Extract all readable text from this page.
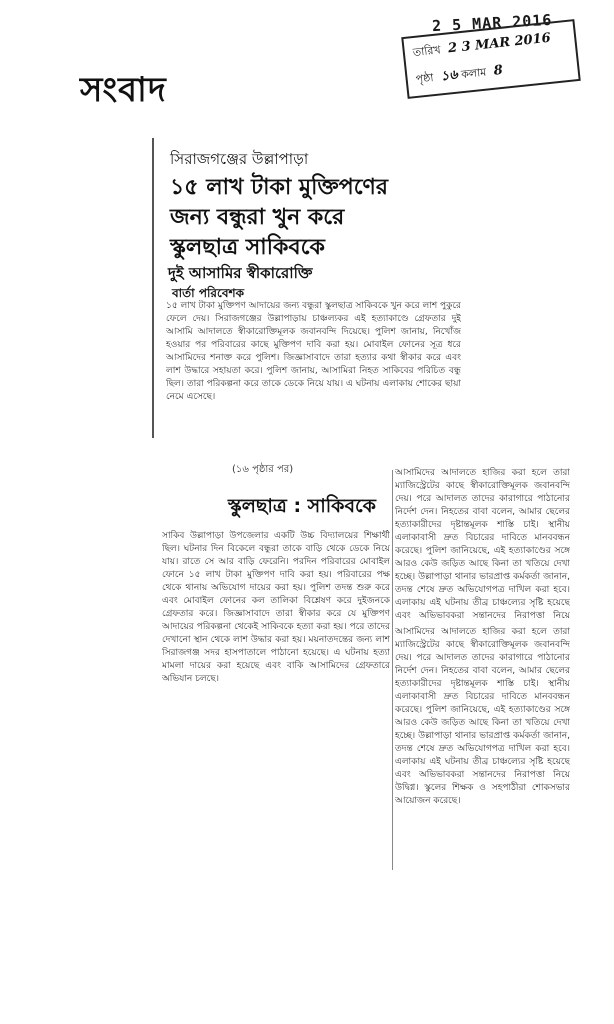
2 5 MAR 2016
তারিখ 2 3 MAR 2016
পৃষ্ঠা ১৬ কলাম 8
সংবাদ
সিরাজগঞ্জের উল্লাপাড়া
১৫ লাখ টাকা মুক্তিপণের
জন্য বন্ধুরা খুন করে
স্কুলছাত্র সাকিবকে
দুই আসামির স্বীকারোক্তি
বার্তা পরিবেশক
১৫ লাখ টাকা মুক্তিপণ আদায়ের জন্য বন্ধুরা স্কুলছাত্র সাকিবকে খুন করে লাশ পুকুরে ফেলে দেয়। সিরাজগঞ্জের উল্লাপাড়ায় চাঞ্চল্যকর এই হত্যাকাণ্ডে গ্রেফতার দুই আসামি আদালতে স্বীকারোক্তিমূলক জবানবন্দি দিয়েছে। পুলিশ জানায়, নিখোঁজ হওয়ার পর পরিবারের কাছে মুক্তিপণ দাবি করা হয়। মোবাইল ফোনের সূত্র ধরে আসামিদের শনাক্ত করে পুলিশ। জিজ্ঞাসাবাদে তারা হত্যার কথা স্বীকার করে এবং লাশ উদ্ধারে সহায়তা করে। পুলিশ জানায়, আসামিরা নিহত সাকিবের পরিচিত বন্ধু ছিল। তারা পরিকল্পনা করে তাকে ডেকে নিয়ে যায়। এ ঘটনায় এলাকায় শোকের ছায়া নেমে এসেছে।
(১৬ পৃষ্ঠার পর)	আসামিদের আদালতে হাজির করা হলে তারা ম্যাজিস্ট্রেটের কাছে স্বীকারোক্তিমূলক জবানবন্দি দেয়। পরে আদালত তাদের কারাগারে পাঠানোর নির্দেশ দেন। নিহতের বাবা বলেন, আমার ছেলের হত্যাকারীদের দৃষ্টান্তমূলক শাস্তি চাই। স্থানীয় এলাকাবাসী দ্রুত বিচারের দাবিতে মানববন্ধন করেছে। পুলিশ জানিয়েছে, এই হত্যাকাণ্ডের সঙ্গে আরও কেউ জড়িত আছে কিনা তা খতিয়ে দেখা হচ্ছে। উল্লাপাড়া থানার ভারপ্রাপ্ত কর্মকর্তা জানান, তদন্ত শেষে দ্রুত অভিযোগপত্র দাখিল করা হবে। এলাকায় এই ঘটনায় তীব্র চাঞ্চল্যের সৃষ্টি হয়েছে এবং অভিভাবকরা সন্তানদের নিরাপত্তা নিয়ে
স্কুলছাত্র : সাকিবকে
সাকিব উল্লাপাড়া উপজেলার একটি উচ্চ বিদ্যালয়ের শিক্ষার্থী ছিল। ঘটনার দিন বিকেলে বন্ধুরা তাকে বাড়ি থেকে ডেকে নিয়ে যায়। রাতে সে আর বাড়ি ফেরেনি। পরদিন পরিবারের মোবাইল ফোনে ১৫ লাখ টাকা মুক্তিপণ দাবি করা হয়। পরিবারের পক্ষ থেকে থানায় অভিযোগ দায়ের করা হয়। পুলিশ তদন্ত শুরু করে এবং মোবাইল ফোনের কল তালিকা বিশ্লেষণ করে দুইজনকে গ্রেফতার করে। জিজ্ঞাসাবাদে তারা স্বীকার করে যে মুক্তিপণ আদায়ের পরিকল্পনা থেকেই সাকিবকে হত্যা করা হয়। পরে তাদের দেখানো স্থান থেকে লাশ উদ্ধার করা হয়। ময়নাতদন্তের জন্য লাশ সিরাজগঞ্জ সদর হাসপাতালে পাঠানো হয়েছে। এ ঘটনায় হত্যা মামলা দায়ের করা হয়েছে এবং বাকি আসামিদের গ্রেফতারে অভিযান চলছে।
আসামিদের আদালতে হাজির করা হলে তারা ম্যাজিস্ট্রেটের কাছে স্বীকারোক্তিমূলক জবানবন্দি দেয়। পরে আদালত তাদের কারাগারে পাঠানোর নির্দেশ দেন। নিহতের বাবা বলেন, আমার ছেলের হত্যাকারীদের দৃষ্টান্তমূলক শাস্তি চাই। স্থানীয় এলাকাবাসী দ্রুত বিচারের দাবিতে মানববন্ধন করেছে। পুলিশ জানিয়েছে, এই হত্যাকাণ্ডের সঙ্গে আরও কেউ জড়িত আছে কিনা তা খতিয়ে দেখা হচ্ছে। উল্লাপাড়া থানার ভারপ্রাপ্ত কর্মকর্তা জানান, তদন্ত শেষে দ্রুত অভিযোগপত্র দাখিল করা হবে। এলাকায় এই ঘটনায় তীব্র চাঞ্চল্যের সৃষ্টি হয়েছে এবং অভিভাবকরা সন্তানদের নিরাপত্তা নিয়ে উদ্বিগ্ন। স্কুলের শিক্ষক ও সহপাঠীরা শোকসভার আয়োজন করেছে।
